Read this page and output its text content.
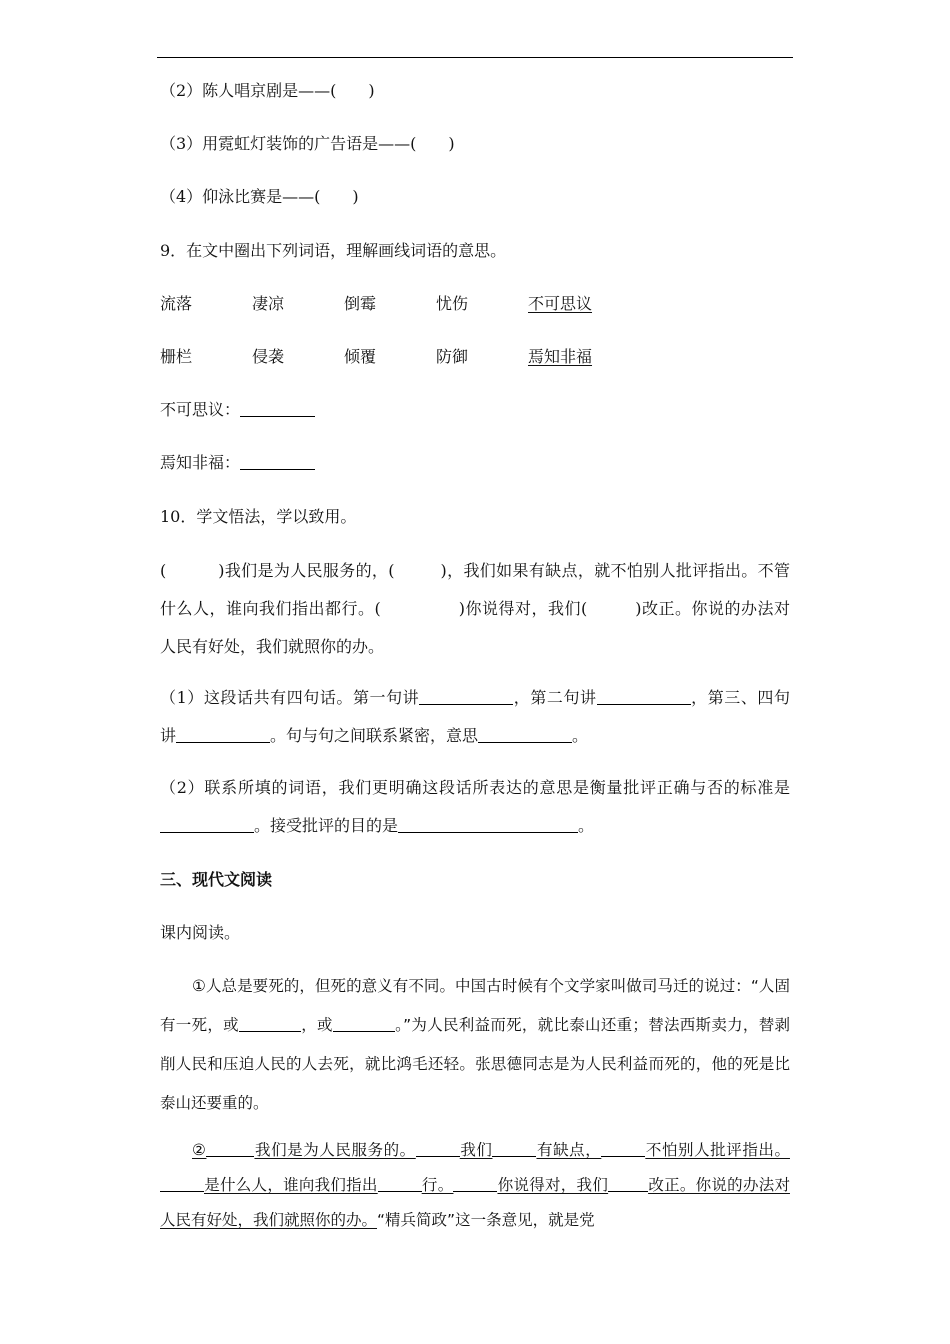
（2）陈人唱京剧是——(　　)
（3）用霓虹灯装饰的广告语是——(　　)
（4）仰泳比赛是——(　　)
9．在文中圈出下列词语，理解画线词语的意思。
流落	凄凉	倒霉	忧伤	不可思议
栅栏	侵袭	倾覆	防御	焉知非福
不可思议：
焉知非福：
10．学文悟法，学以致用。
(	)我们是为人民服务的，(	)，我们如果有缺点，就不怕别人批评指出。不管什么人，谁向我们指出都行。(	)你说得对，我们(	)改正。你说的办法对人民有好处，我们就照你的办。
（1）这段话共有四句话。第一句讲	，第二句讲	，第三、四句讲	。句与句之间联系紧密，意思	。
（2）联系所填的词语，我们更明确这段话所表达的意思是衡量批评正确与否的标准是。接受批评的目的是	。
三、现代文阅读
课内阅读。
①人总是要死的，但死的意义有不同。中国古时候有个文学家叫做司马迁的说过：“人固有一死，或	，或	。”为人民利益而死，就比泰山还重；替法西斯卖力，替剥削人民和压迫人民的人去死，就比鸿毛还轻。张思德同志是为人民利益而死的，他的死是比泰山还要重的。
②	我们是为人民服务的。	我们	有缺点，	不怕别人批评指出。是什么人，谁向我们指出	行。	你说得对，我们	改正。你说的办法对人民有好处，我们就照你的办。“精兵简政”这一条意见，就是党
